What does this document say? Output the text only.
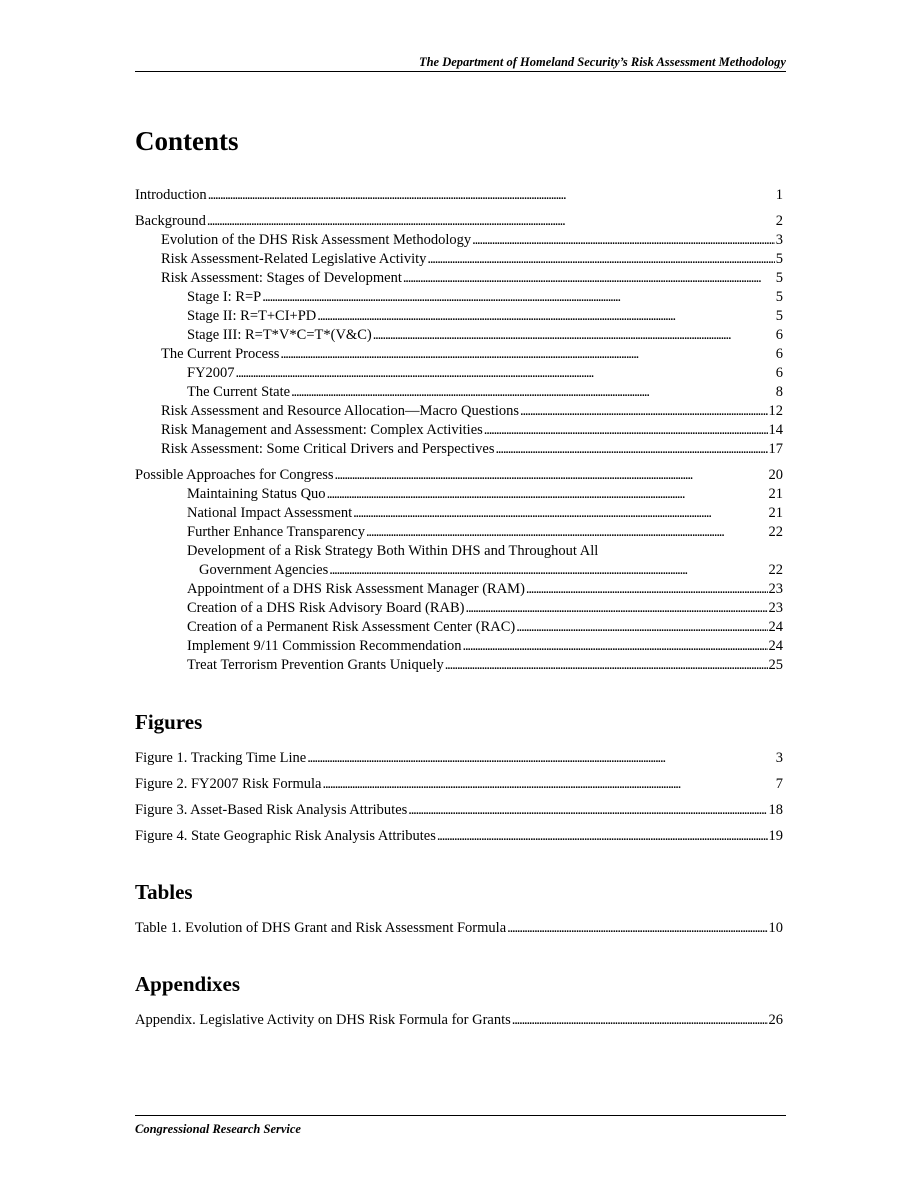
The Department of Homeland Security’s Risk Assessment Methodology
Contents
Introduction . . .	1
Background . . .	2
Evolution of the DHS Risk Assessment Methodology . . .	3
Risk Assessment-Related Legislative Activity . . .	5
Risk Assessment: Stages of Development . . .	5
Stage I: R=P . . .	5
Stage II: R=T+CI+PD . . .	5
Stage III: R=T*V*C=T*(V&C) . . .	6
The Current Process . . .	6
FY2007 . . .	6
The Current State . . .	8
Risk Assessment and Resource Allocation—Macro Questions . . .	12
Risk Management and Assessment: Complex Activities . . .	14
Risk Assessment: Some Critical Drivers and Perspectives . . .	17
Possible Approaches for Congress . . .	20
Maintaining Status Quo . . .	21
National Impact Assessment . . .	21
Further Enhance Transparency . . .	22
Development of a Risk Strategy Both Within DHS and Throughout All
Government Agencies . . .	22
Appointment of a DHS Risk Assessment Manager (RAM) . . .	23
Creation of a DHS Risk Advisory Board (RAB) . . .	23
Creation of a Permanent Risk Assessment Center (RAC) . . .	24
Implement 9/11 Commission Recommendation . . .	24
Treat Terrorism Prevention Grants Uniquely . . .	25
Figures
Figure 1. Tracking Time Line . . .	3
Figure 2. FY2007 Risk Formula . . .	7
Figure 3. Asset-Based Risk Analysis Attributes . . .	18
Figure 4. State Geographic Risk Analysis Attributes . . .	19
Tables
Table 1. Evolution of DHS Grant and Risk Assessment Formula . . .	10
Appendixes
Appendix. Legislative Activity on DHS Risk Formula for Grants . . .	26
Congressional Research Service
